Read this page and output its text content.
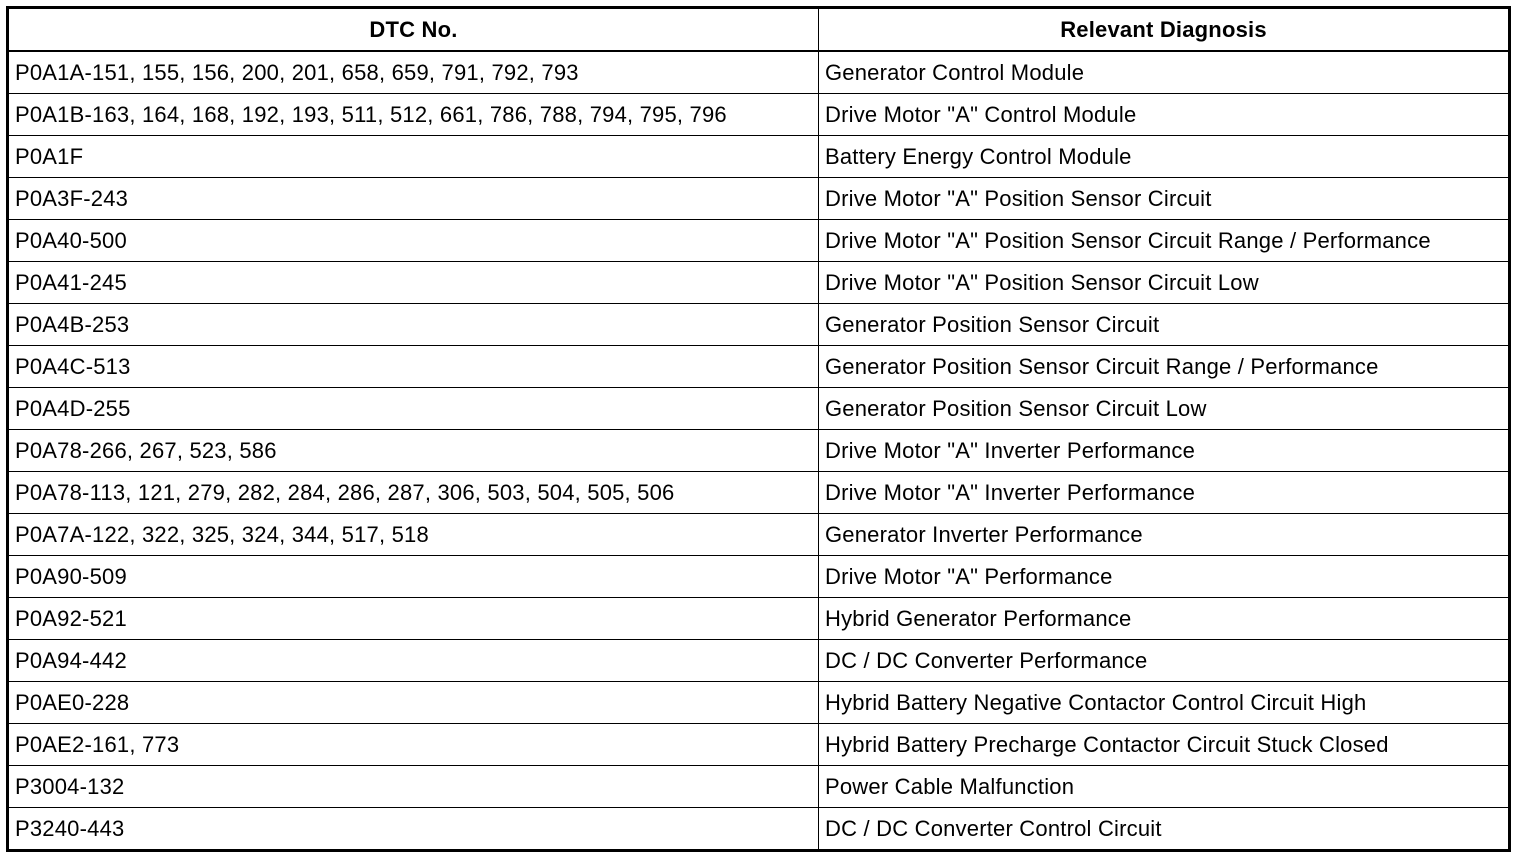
DTC No.	Relevant Diagnosis
P0A1A-151, 155, 156, 200, 201, 658, 659, 791, 792, 793	Generator Control Module
P0A1B-163, 164, 168, 192, 193, 511, 512, 661, 786, 788, 794, 795, 796	Drive Motor "A" Control Module
P0A1F	Battery Energy Control Module
P0A3F-243	Drive Motor "A" Position Sensor Circuit
P0A40-500	Drive Motor "A" Position Sensor Circuit Range / Performance
P0A41-245	Drive Motor "A" Position Sensor Circuit Low
P0A4B-253	Generator Position Sensor Circuit
P0A4C-513	Generator Position Sensor Circuit Range / Performance
P0A4D-255	Generator Position Sensor Circuit Low
P0A78-266, 267, 523, 586	Drive Motor "A" Inverter Performance
P0A78-113, 121, 279, 282, 284, 286, 287, 306, 503, 504, 505, 506	Drive Motor "A" Inverter Performance
P0A7A-122, 322, 325, 324, 344, 517, 518	Generator Inverter Performance
P0A90-509	Drive Motor "A" Performance
P0A92-521	Hybrid Generator Performance
P0A94-442	DC / DC Converter Performance
P0AE0-228	Hybrid Battery Negative Contactor Control Circuit High
P0AE2-161, 773	Hybrid Battery Precharge Contactor Circuit Stuck Closed
P3004-132	Power Cable Malfunction
P3240-443	DC / DC Converter Control Circuit
